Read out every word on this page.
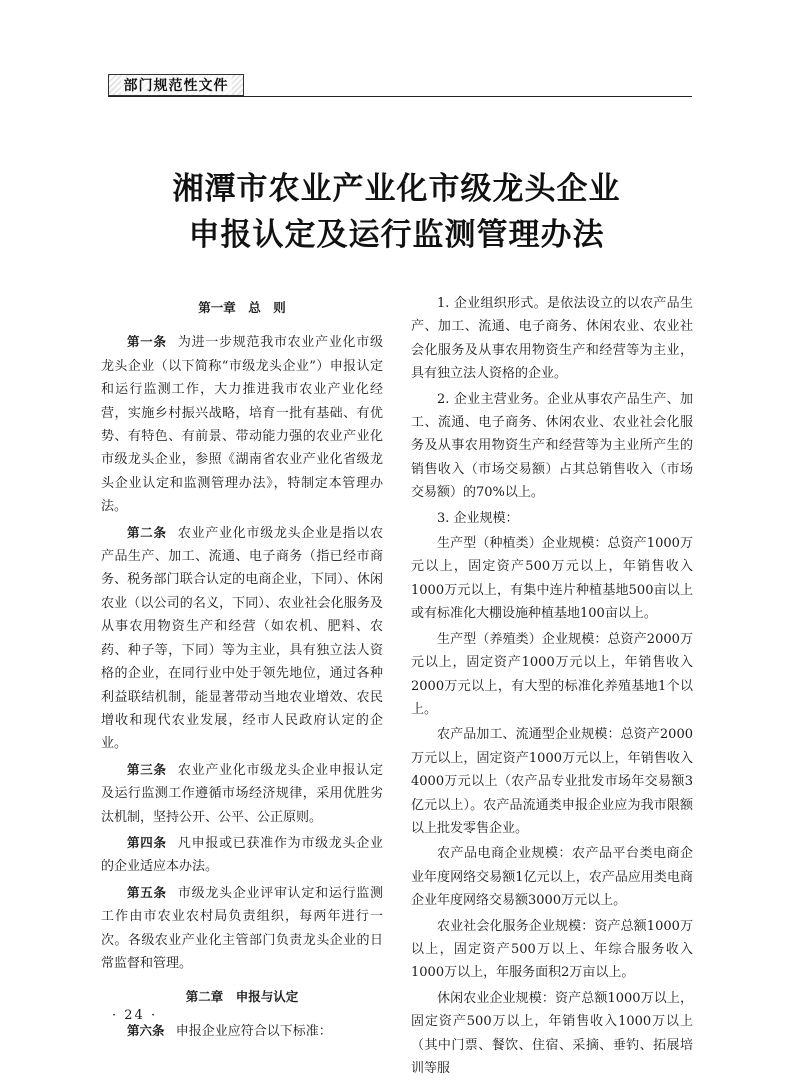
部门规范性文件
湘潭市农业产业化市级龙头企业
申报认定及运行监测管理办法

第一章　总　则

第一条 为进一步规范我市农业产业化市级龙头企业（以下简称“市级龙头企业”）申报认定和运行监测工作，大力推进我市农业产业化经营，实施乡村振兴战略，培育一批有基础、有优势、有特色、有前景、带动能力强的农业产业化市级龙头企业，参照《湖南省农业产业化省级龙头企业认定和监测管理办法》，特制定本管理办法。

第二条 农业产业化市级龙头企业是指以农产品生产、加工、流通、电子商务（指已经市商务、税务部门联合认定的电商企业，下同）、休闲农业（以公司的名义，下同）、农业社会化服务及从事农用物资生产和经营（如农机、肥料、农药、种子等，下同）等为主业，具有独立法人资格的企业，在同行业中处于领先地位，通过各种利益联结机制，能显著带动当地农业增效、农民增收和现代农业发展，经市人民政府认定的企业。

第三条 农业产业化市级龙头企业申报认定及运行监测工作遵循市场经济规律，采用优胜劣汰机制，坚持公开、公平、公正原则。

第四条 凡申报或已获准作为市级龙头企业的企业适应本办法。

第五条 市级龙头企业评审认定和运行监测工作由市农业农村局负责组织，每两年进行一次。各级农业产业化主管部门负责龙头企业的日常监督和管理。

第二章　申报与认定

第六条 申报企业应符合以下标准：

1. 企业组织形式。是依法设立的以农产品生产、加工、流通、电子商务、休闲农业、农业社会化服务及从事农用物资生产和经营等为主业，具有独立法人资格的企业。

2. 企业主营业务。企业从事农产品生产、加工、流通、电子商务、休闲农业、农业社会化服务及从事农用物资生产和经营等为主业所产生的销售收入（市场交易额）占其总销售收入（市场交易额）的70%以上。

3. 企业规模：

生产型（种植类）企业规模：总资产1000万元以上，固定资产500万元以上，年销售收入1000万元以上，有集中连片种植基地500亩以上或有标准化大棚设施种植基地100亩以上。

生产型（养殖类）企业规模：总资产2000万元以上，固定资产1000万元以上，年销售收入2000万元以上，有大型的标准化养殖基地1个以上。

农产品加工、流通型企业规模：总资产2000万元以上，固定资产1000万元以上，年销售收入4000万元以上（农产品专业批发市场年交易额3亿元以上）。农产品流通类申报企业应为我市限额以上批发零售企业。

农产品电商企业规模：农产品平台类电商企业年度网络交易额1亿元以上，农产品应用类电商企业年度网络交易额3000万元以上。

农业社会化服务企业规模：资产总额1000万以上，固定资产500万以上、年综合服务收入1000万以上，年服务面积2万亩以上。

休闲农业企业规模：资产总额1000万以上，固定资产500万以上，年销售收入1000万以上（其中门票、餐饮、住宿、采摘、垂钓、拓展培训等服

· 24 ·
